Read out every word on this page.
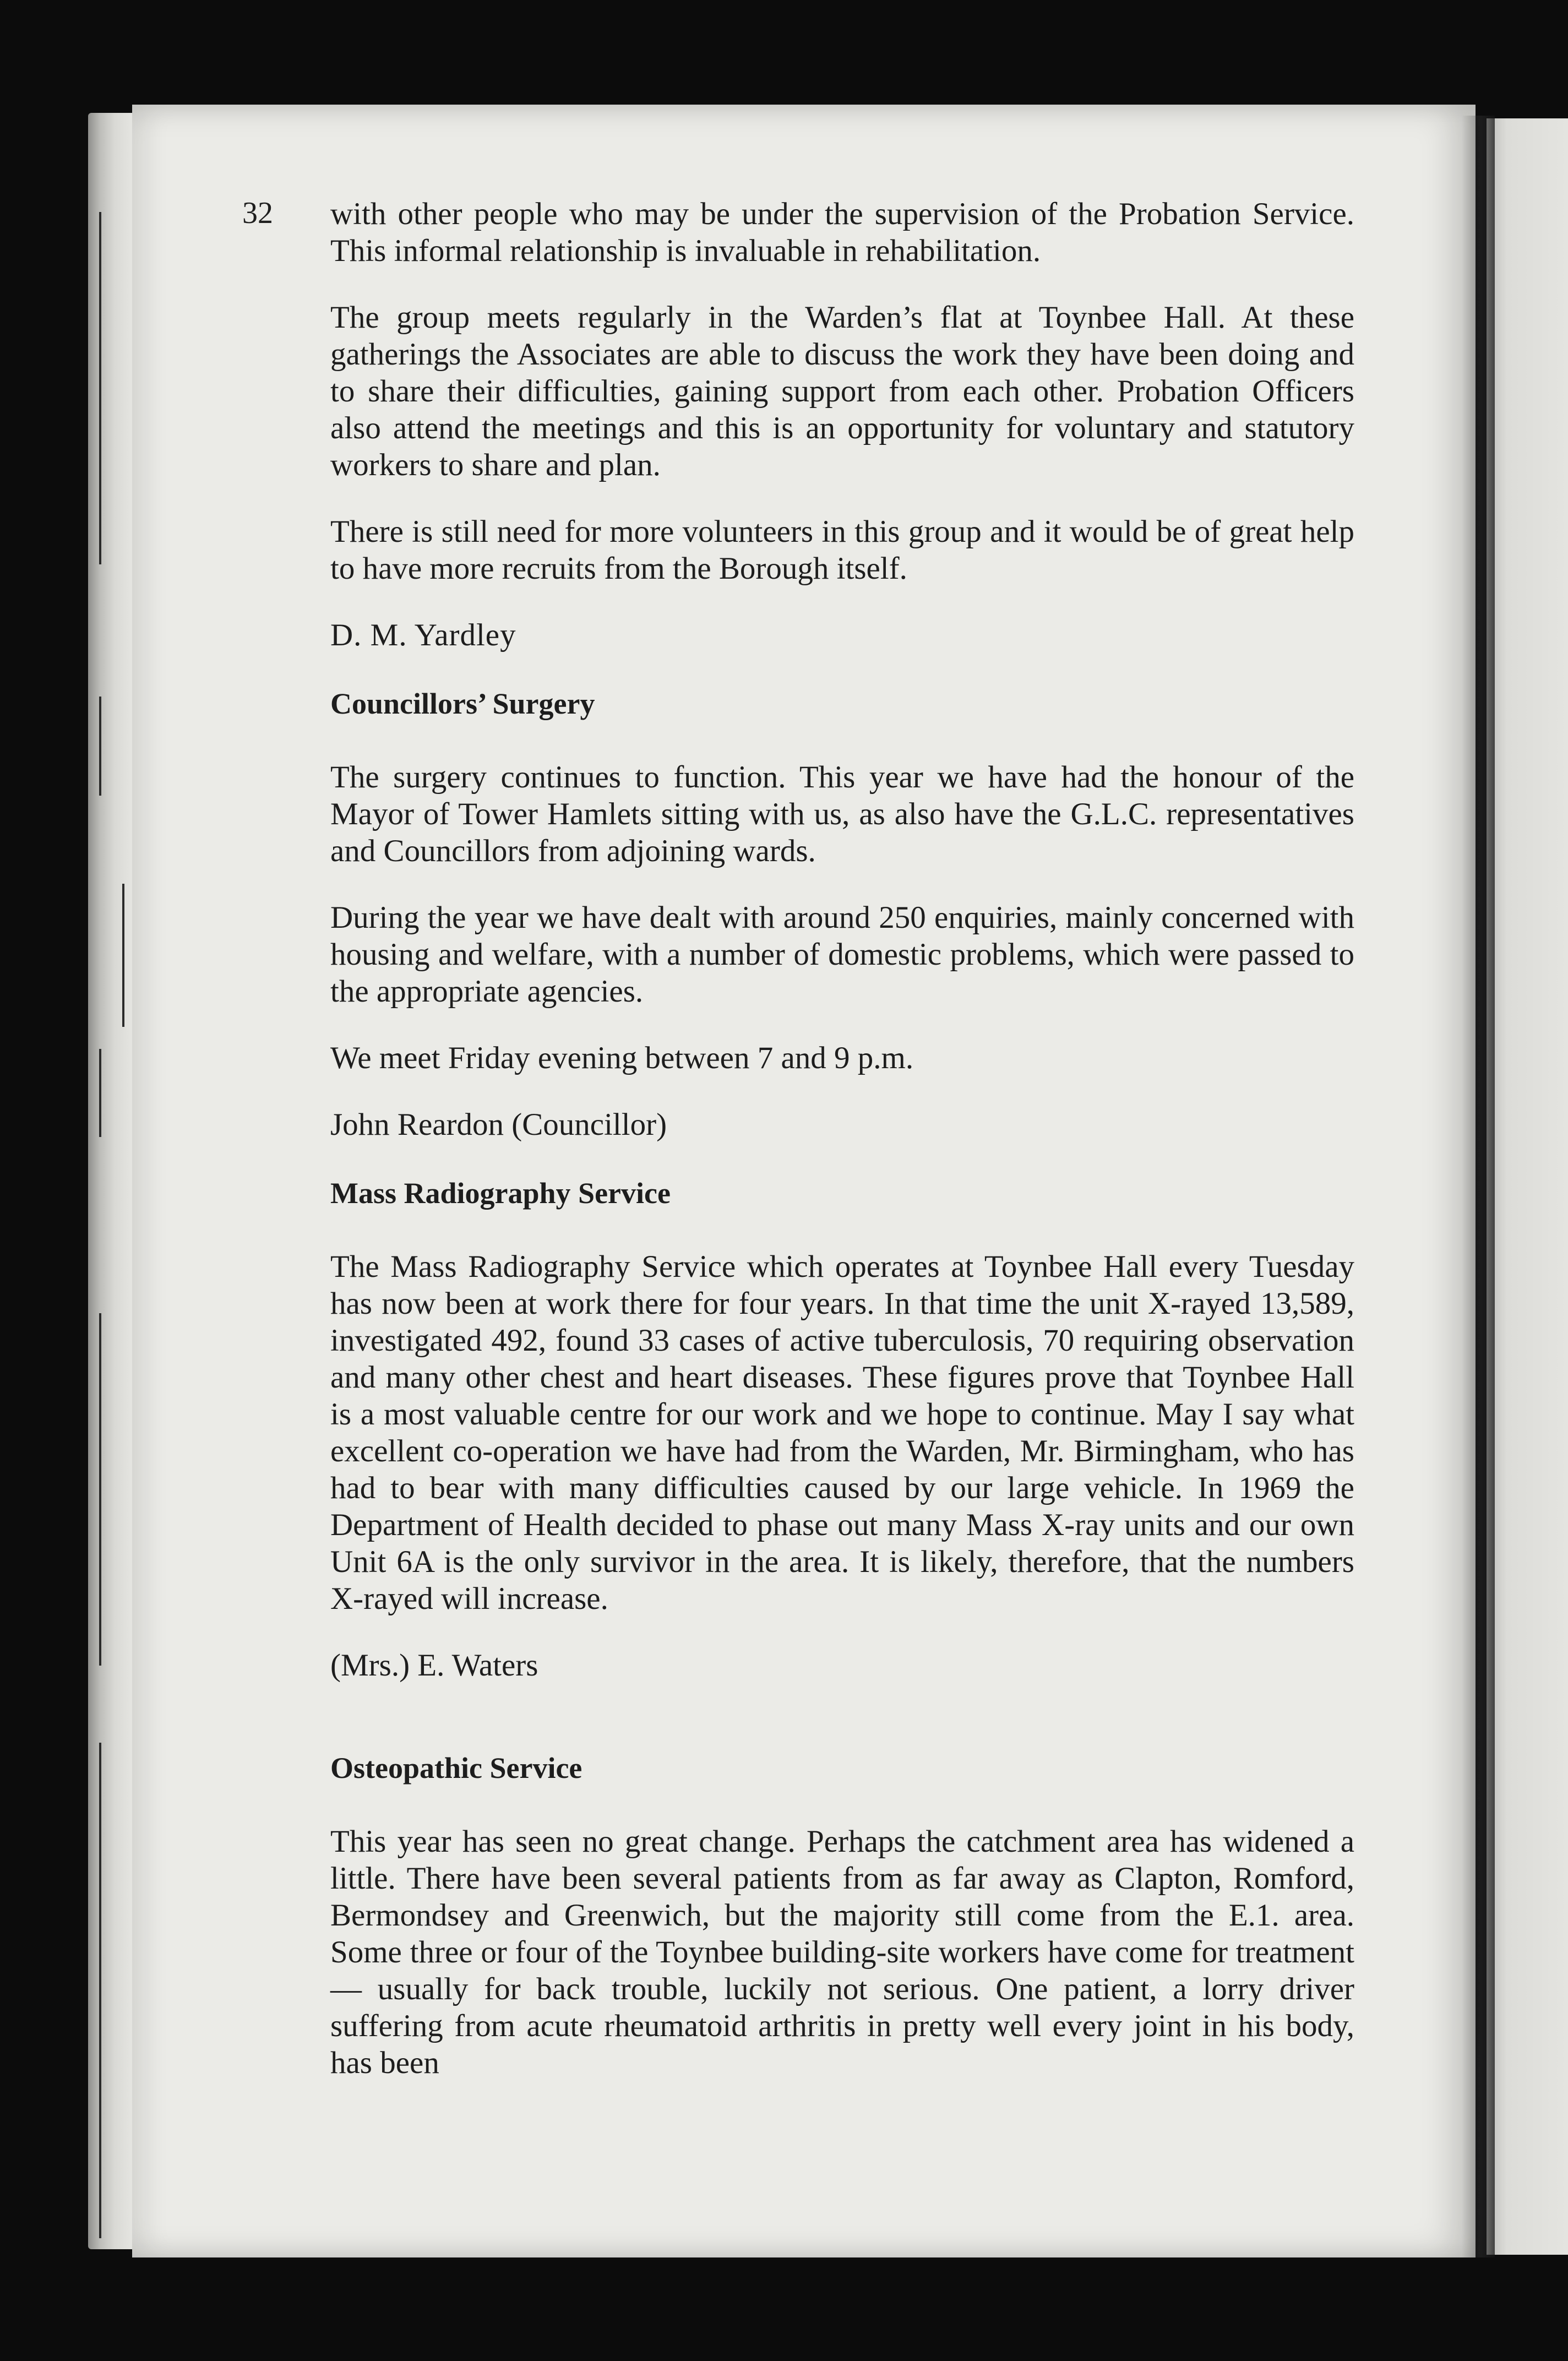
32 with other people who may be under the supervision of the Probation Service. This informal relationship is invaluable in rehabilitation.

The group meets regularly in the Warden’s flat at Toynbee Hall. At these gatherings the Associates are able to discuss the work they have been doing and to share their difficulties, gaining support from each other. Probation Officers also attend the meetings and this is an opportunity for voluntary and statutory workers to share and plan.

There is still need for more volunteers in this group and it would be of great help to have more recruits from the Borough itself.

D. M. Yardley

Councillors’ Surgery

The surgery continues to function. This year we have had the honour of the Mayor of Tower Hamlets sitting with us, as also have the G.L.C. representatives and Councillors from adjoining wards.

During the year we have dealt with around 250 enquiries, mainly concerned with housing and welfare, with a number of domestic problems, which were passed to the appropriate agencies.

We meet Friday evening between 7 and 9 p.m.

John Reardon (Councillor)

Mass Radiography Service

The Mass Radiography Service which operates at Toynbee Hall every Tuesday has now been at work there for four years. In that time the unit X-rayed 13,589, investigated 492, found 33 cases of active tuberculosis, 70 requiring observation and many other chest and heart diseases. These figures prove that Toynbee Hall is a most valuable centre for our work and we hope to continue. May I say what excellent co-operation we have had from the Warden, Mr. Birmingham, who has had to bear with many difficulties caused by our large vehicle. In 1969 the Department of Health decided to phase out many Mass X-ray units and our own Unit 6A is the only survivor in the area. It is likely, therefore, that the numbers X-rayed will increase.

(Mrs.) E. Waters

Osteopathic Service

This year has seen no great change. Perhaps the catchment area has widened a little. There have been several patients from as far away as Clapton, Romford, Bermondsey and Greenwich, but the majority still come from the E.1. area. Some three or four of the Toynbee building-site workers have come for treatment — usually for back trouble, luckily not serious. One patient, a lorry driver suffering from acute rheumatoid arthritis in pretty well every joint in his body, has been
